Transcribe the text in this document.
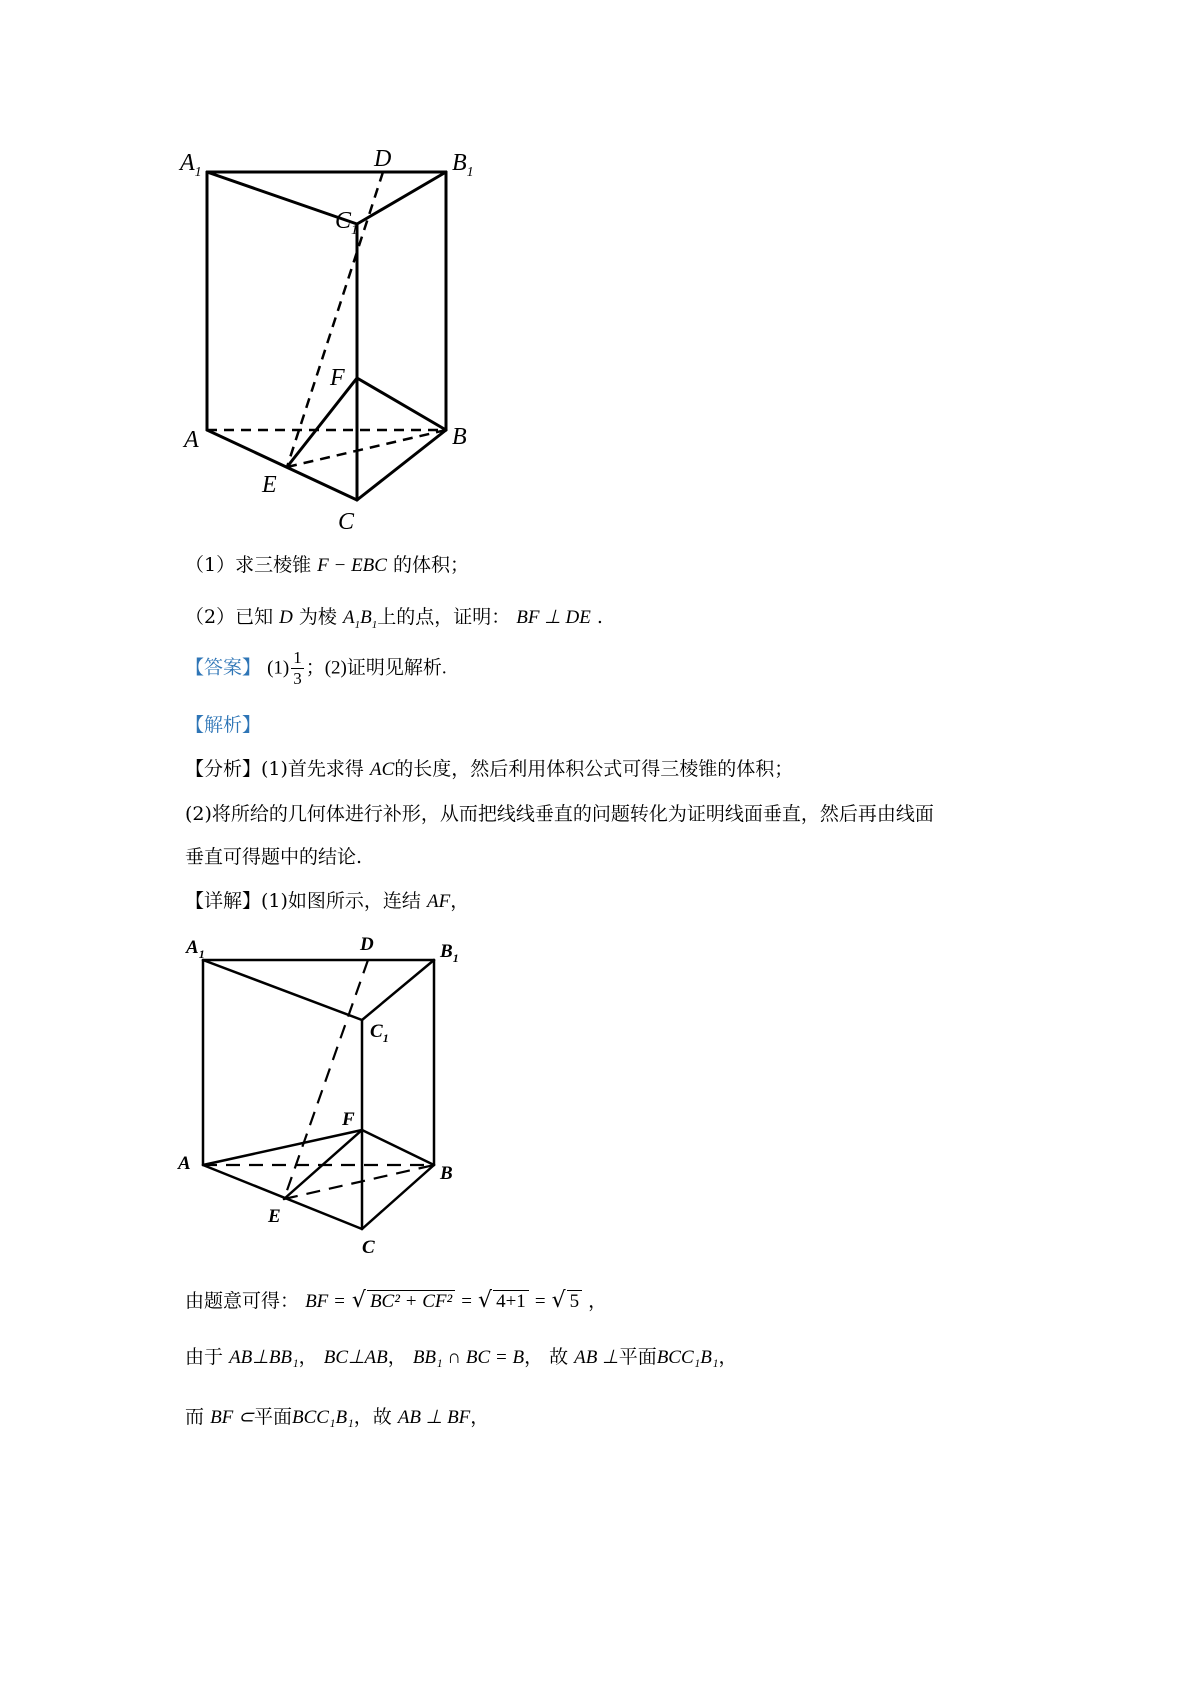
$A_1$
D	$B_1$
$C_1$
F
A	B
E
C
（1）求三棱锥 F − EBC 的体积；
（2）已知 D 为棱 $A_1B_1$上的点，证明： BF ⊥ DE .
【答案】 $(1) \frac{1}{3}$ ；(2)证明见解析.
【解析】
【分析】(1)首先求得 AC的长度，然后利用体积公式可得三棱锥的体积；
(2)将所给的几何体进行补形，从而把线线垂直的问题转化为证明线面垂直，然后再由线面
垂直可得题中的结论.
【详解】(1)如图所示，连结 AF，
$A_1$	D	$B_1$
$C_1$
F
A	B
E
C
由题意可得： BF = √ BC² + CF² = √ 4+1 = √ 5 ，
由于 AB⊥BB₁， BC⊥AB， BB₁ ∩ BC = B， 故 AB ⊥平面BCC₁B₁，
而 BF ⊂平面BCC₁B₁，故 AB ⊥ BF，
